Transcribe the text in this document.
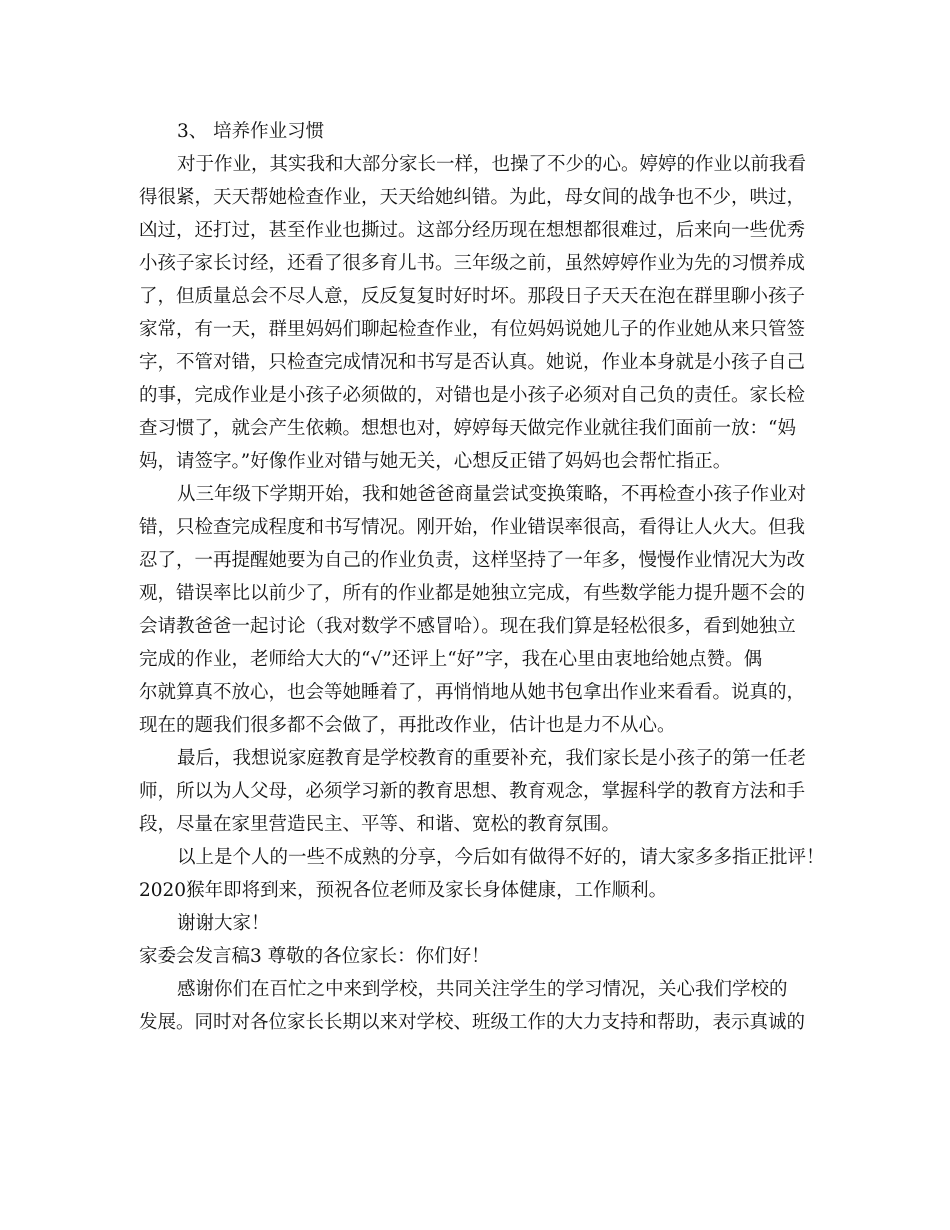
3、 培养作业习惯
对于作业，其实我和大部分家长一样，也操了不少的心。婷婷的作业以前我看
得很紧，天天帮她检查作业，天天给她纠错。为此，母女间的战争也不少，哄过，
凶过，还打过，甚至作业也撕过。这部分经历现在想想都很难过，后来向一些优秀
小孩子家长讨经，还看了很多育儿书。三年级之前，虽然婷婷作业为先的习惯养成
了，但质量总会不尽人意，反反复复时好时坏。那段日子天天在泡在群里聊小孩子
家常，有一天，群里妈妈们聊起检查作业，有位妈妈说她儿子的作业她从来只管签
字，不管对错，只检查完成情况和书写是否认真。她说，作业本身就是小孩子自己
的事，完成作业是小孩子必须做的，对错也是小孩子必须对自己负的责任。家长检
查习惯了，就会产生依赖。想想也对，婷婷每天做完作业就往我们面前一放：“妈
妈，请签字。”好像作业对错与她无关，心想反正错了妈妈也会帮忙指正。
从三年级下学期开始，我和她爸爸商量尝试变换策略，不再检查小孩子作业对
错，只检查完成程度和书写情况。刚开始，作业错误率很高，看得让人火大。但我
忍了，一再提醒她要为自己的作业负责，这样坚持了一年多，慢慢作业情况大为改
观，错误率比以前少了，所有的作业都是她独立完成，有些数学能力提升题不会的
会请教爸爸一起讨论（我对数学不感冒哈）。现在我们算是轻松很多，看到她独立
完成的作业，老师给大大的“√”还评上“好”字，我在心里由衷地给她点赞。偶
尔就算真不放心，也会等她睡着了，再悄悄地从她书包拿出作业来看看。说真的，
现在的题我们很多都不会做了，再批改作业，估计也是力不从心。
最后，我想说家庭教育是学校教育的重要补充，我们家长是小孩子的第一任老
师，所以为人父母，必须学习新的教育思想、教育观念，掌握科学的教育方法和手
段，尽量在家里营造民主、平等、和谐、宽松的教育氛围。
以上是个人的一些不成熟的分享，今后如有做得不好的，请大家多多指正批评！
2020猴年即将到来，预祝各位老师及家长身体健康，工作顺利。
谢谢大家！
家委会发言稿3 尊敬的各位家长：你们好！
感谢你们在百忙之中来到学校，共同关注学生的学习情况，关心我们学校的
发展。同时对各位家长长期以来对学校、班级工作的大力支持和帮助，表示真诚的
